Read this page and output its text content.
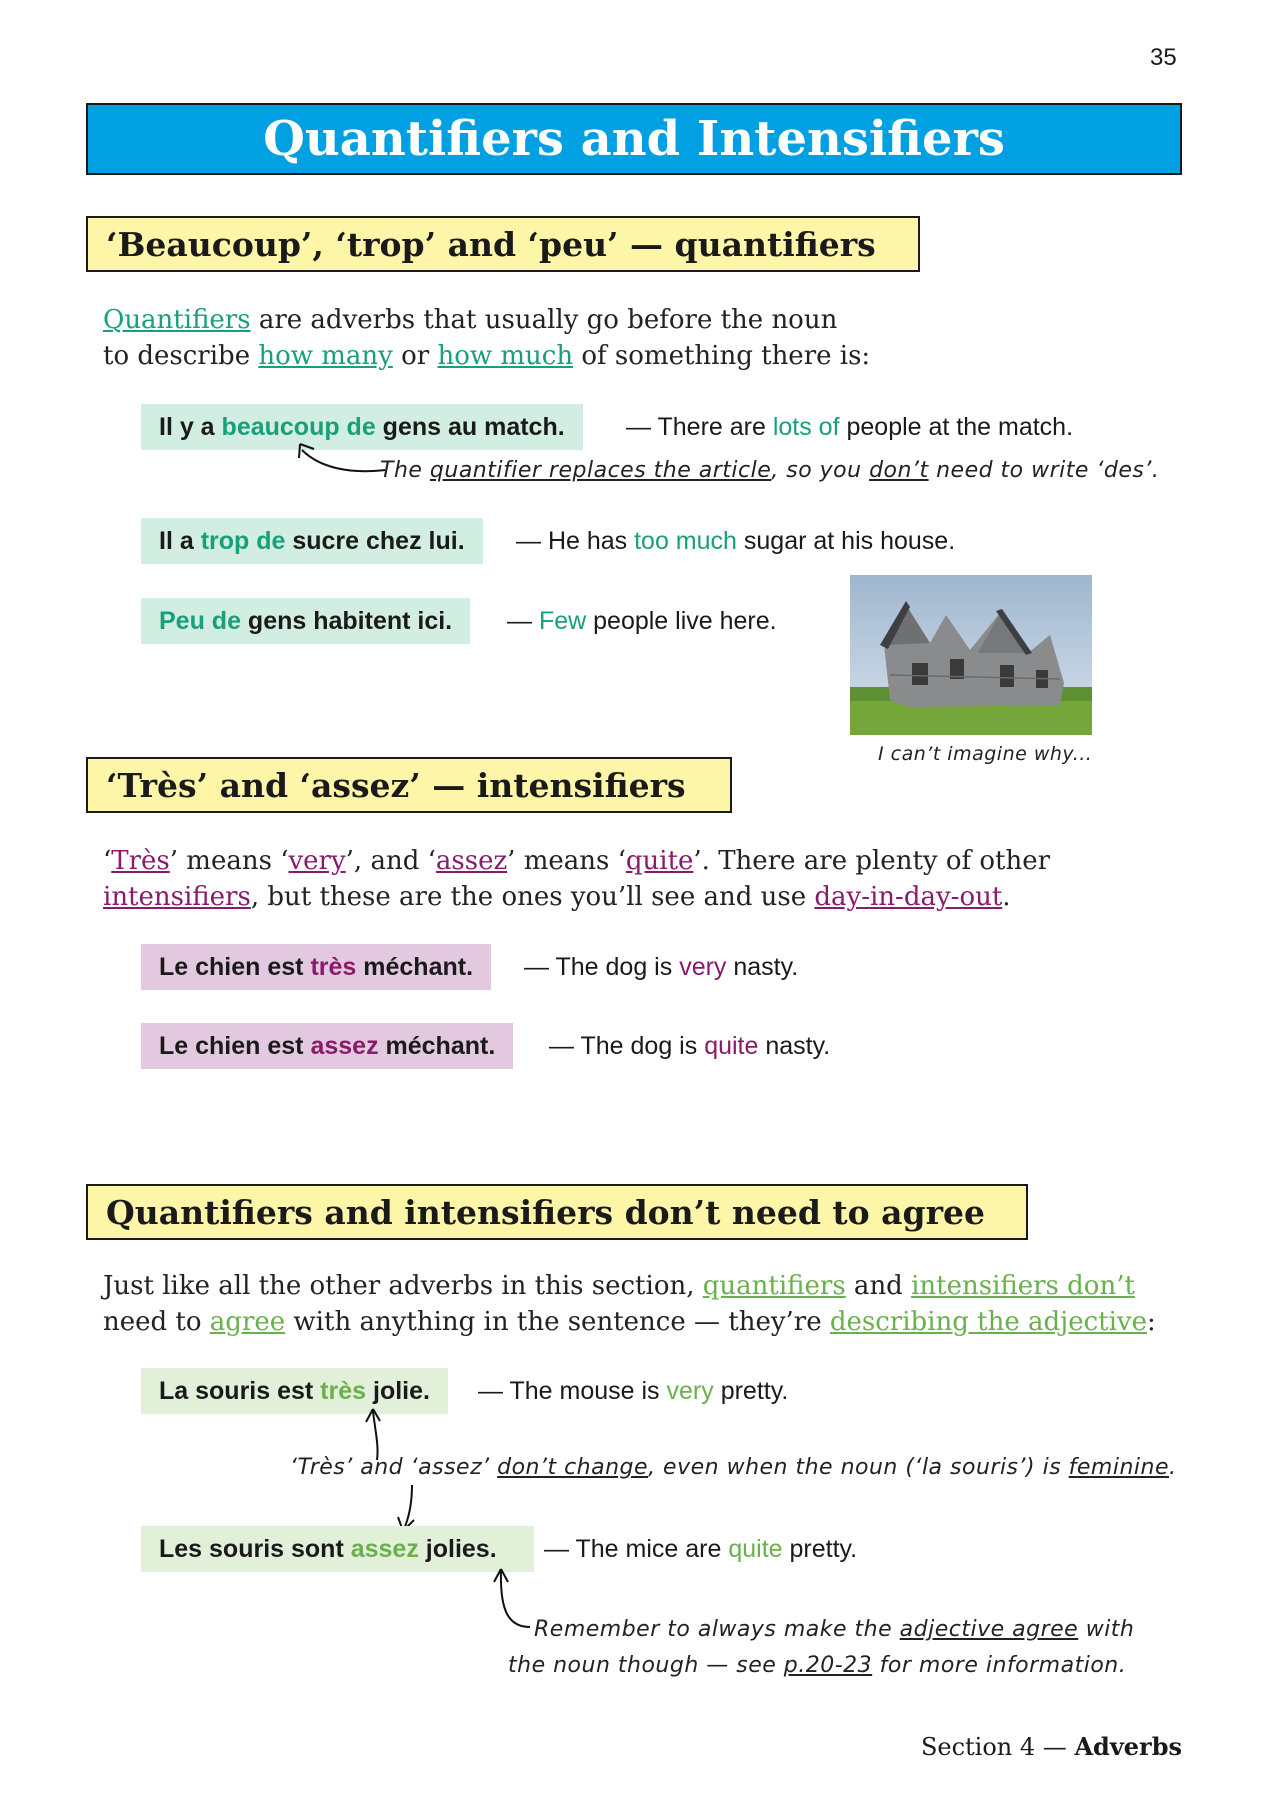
35
Quantifiers and Intensifiers
‘Beaucoup’, ‘trop’ and ‘peu’ — quantifiers
Quantifiers are adverbs that usually go before the noun
to describe how many or how much of something there is:
Il y a beaucoup de gens au match.	— There are lots of people at the match.
The quantifier replaces the article, so you don’t need to write ‘des’.
Il a trop de sucre chez lui.	— He has too much sugar at his house.
Peu de gens habitent ici.	— Few people live here.
I can’t imagine why...
‘Très’ and ‘assez’ — intensifiers
‘Très’ means ‘very’, and ‘assez’ means ‘quite’. There are plenty of other
intensifiers, but these are the ones you’ll see and use day-in-day-out.
Le chien est très méchant.	— The dog is very nasty.
Le chien est assez méchant.	— The dog is quite nasty.
Quantifiers and intensifiers don’t need to agree
Just like all the other adverbs in this section, quantifiers and intensifiers don’t
need to agree with anything in the sentence — they’re describing the adjective:
La souris est très jolie.	— The mouse is very pretty.
‘Très’ and ‘assez’ don’t change, even when the noun (‘la souris’) is feminine.
Les souris sont assez jolies.	— The mice are quite pretty.
Remember to always make the adjective agree with
the noun though — see p.20-23 for more information.
Section 4 — Adverbs
